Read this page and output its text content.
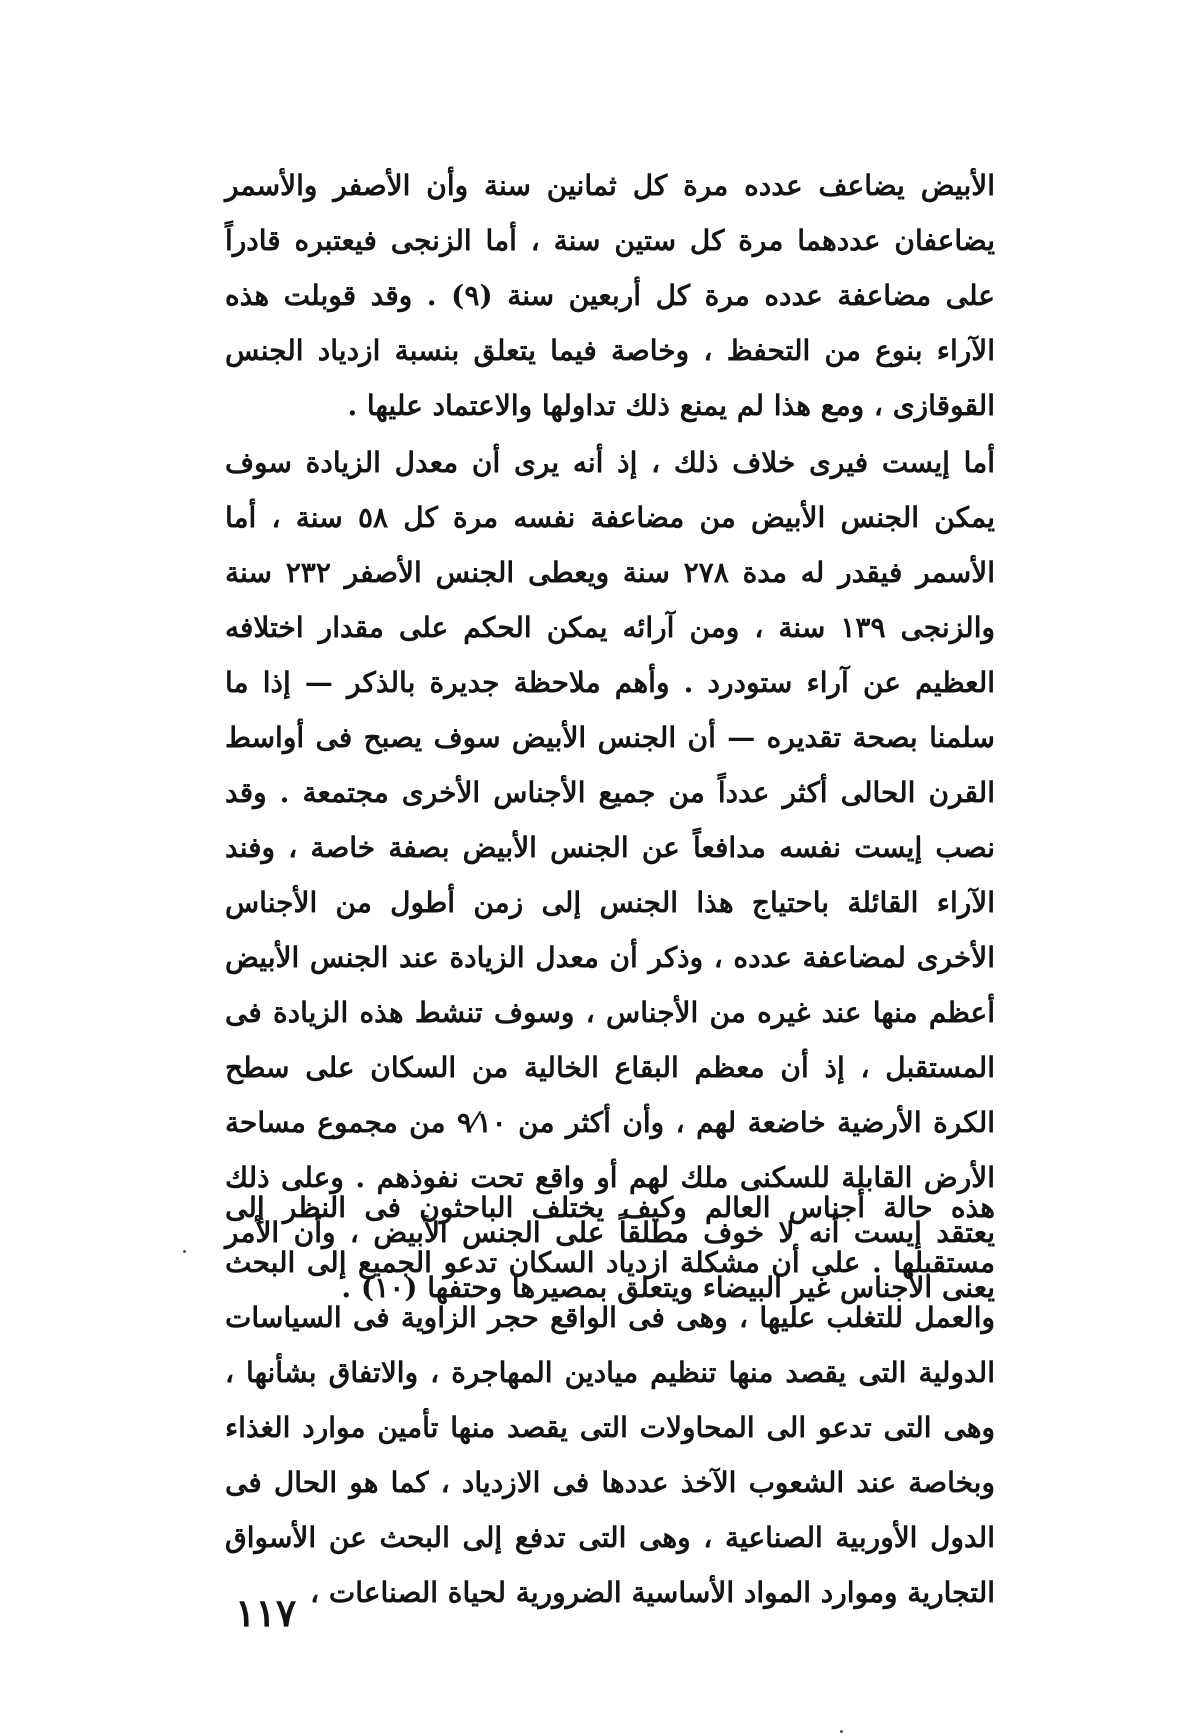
الأبيض يضاعف عدده مرة كل ثمانين سنة وأن الأصفر والأسمر يضاعفان عددهما مرة كل ستين سنة ، أما الزنجى فيعتبره قادراً على مضاعفة عدده مرة كل أربعين سنة (٩) . وقد قوبلت هذه الآراء بنوع من التحفظ ، وخاصة فيما يتعلق بنسبة ازدياد الجنس القوقازى ، ومع هذا لم يمنع ذلك تداولها والاعتماد عليها .

أما إيست فيرى خلاف ذلك ، إذ أنه يرى أن معدل الزيادة سوف يمكن الجنس الأبيض من مضاعفة نفسه مرة كل ٥٨ سنة ، أما الأسمر فيقدر له مدة ٢٧٨ سنة ويعطى الجنس الأصفر ٢٣٢ سنة والزنجى ١٣٩ سنة ، ومن آرائه يمكن الحكم على مقدار اختلافه العظيم عن آراء ستودرد . وأهم ملاحظة جديرة بالذكر — إذا ما سلمنا بصحة تقديره — أن الجنس الأبيض سوف يصبح فى أواسط القرن الحالى أكثر عدداً من جميع الأجناس الأخرى مجتمعة . وقد نصب إيست نفسه مدافعاً عن الجنس الأبيض بصفة خاصة ، وفند الآراء القائلة باحتياج هذا الجنس إلى زمن أطول من الأجناس الأخرى لمضاعفة عدده ، وذكر أن معدل الزيادة عند الجنس الأبيض أعظم منها عند غيره من الأجناس ، وسوف تنشط هذه الزيادة فى المستقبل ، إذ أن معظم البقاع الخالية من السكان على سطح الكرة الأرضية خاضعة لهم ، وأن أكثر من ٩⁄١٠ من مجموع مساحة الأرض القابلة للسكنى ملك لهم أو واقع تحت نفوذهم . وعلى ذلك يعتقد إيست أنه لا خوف مطلقاً على الجنس الأبيض ، وأن الأمر يعنى الأجناس غير البيضاء ويتعلق بمصيرها وحتفها (١٠) .

هذه حالة أجناس العالم وكيف يختلف الباحثون فى النظر إلى مستقبلها . على أن مشكلة ازدياد السكان تدعو الجميع إلى البحث والعمل للتغلب عليها ، وهى فى الواقع حجر الزاوية فى السياسات الدولية التى يقصد منها تنظيم ميادين المهاجرة ، والاتفاق بشأنها ، وهى التى تدعو الى المحاولات التى يقصد منها تأمين موارد الغذاء وبخاصة عند الشعوب الآخذ عددها فى الازدياد ، كما هو الحال فى الدول الأوربية الصناعية ، وهى التى تدفع إلى البحث عن الأسواق التجارية وموارد المواد الأساسية الضرورية لحياة الصناعات ،

١١٧
